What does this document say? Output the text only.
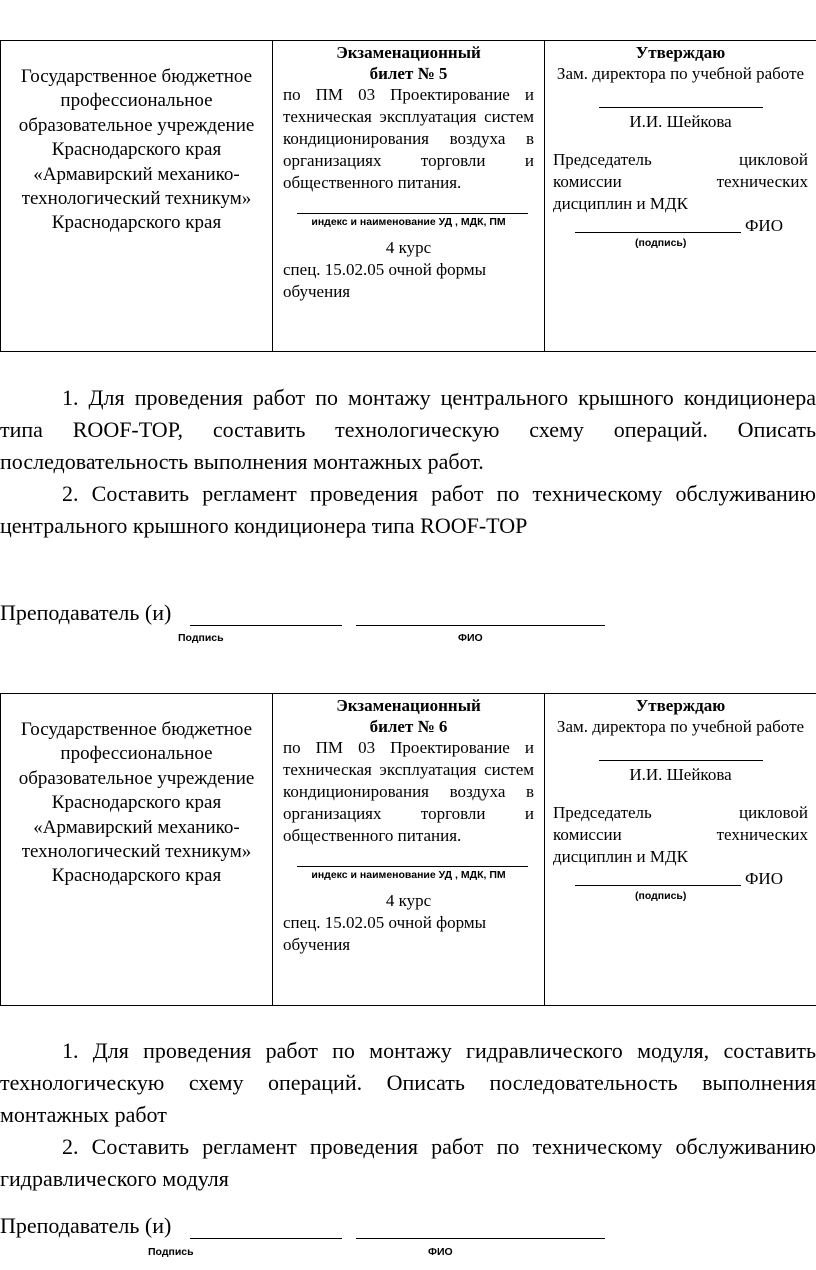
Государственное бюджетное профессиональное образовательное учреждение Краснодарского края «Армавирский механико-технологический техникум» Краснодарского края

Экзаменационный
билет № 5
по ПМ 03 Проектирование и техническая эксплуатация систем кондиционирования воздуха в организациях торговли и общественного питания.
индекс и наименование УД , МДК, ПМ
4 курс
спец. 15.02.05 очной формы
обучения

Утверждаю
Зам. директора по учебной работе
И.И. Шейкова
Председатель цикловой
комиссии технических
дисциплин и МДК
ФИО
(подпись)

1. Для проведения работ по монтажу центрального крышного кондиционера типа ROOF-TOP, составить технологическую схему операций. Описать последовательность выполнения монтажных работ.

2. Составить регламент проведения работ по техническому обслуживанию центрального крышного кондиционера типа ROOF-TOP

Преподаватель (и)
Подпись	ФИО
Государственное бюджетное профессиональное образовательное учреждение Краснодарского края «Армавирский механико-технологический техникум» Краснодарского края

Экзаменационный
билет № 6
по ПМ 03 Проектирование и техническая эксплуатация систем кондиционирования воздуха в организациях торговли и общественного питания.
индекс и наименование УД , МДК, ПМ
4 курс
спец. 15.02.05 очной формы
обучения

Утверждаю
Зам. директора по учебной работе
И.И. Шейкова
Председатель цикловой
комиссии технических
дисциплин и МДК
ФИО
(подпись)

1. Для проведения работ по монтажу гидравлического модуля, составить технологическую схему операций. Описать последовательность выполнения монтажных работ

2. Составить регламент проведения работ по техническому обслуживанию гидравлического модуля

Преподаватель (и)
Подпись	ФИО
